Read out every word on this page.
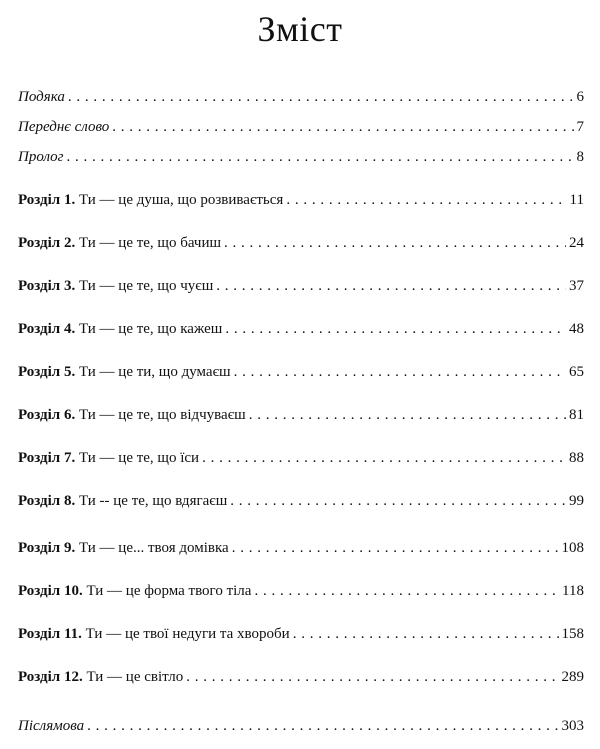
Зміст
Подяка . . .	6
Переднє слово . . .	7
Пролог . . .	8
Розділ 1. Ти — це душа, що розвивається . . .	11
Розділ 2. Ти — це те, що бачиш . . .	24
Розділ 3. Ти — це те, що чуєш . . .	37
Розділ 4. Ти — це те, що кажеш . . .	48
Розділ 5. Ти — це ти, що думаєш . . .	65
Розділ 6. Ти — це те, що відчуваєш . . .	81
Розділ 7. Ти — це те, що їси . . .	88
Розділ 8. Ти -- це те, що вдягаєш . . .	99
Розділ 9. Ти — це... твоя домівка . . .	108
Розділ 10. Ти — це форма твого тіла . . .	118
Розділ 11. Ти — це твої недуги та хвороби . . .	158
Розділ 12. Ти — це світло . . .	289
Післямова . . .	303
